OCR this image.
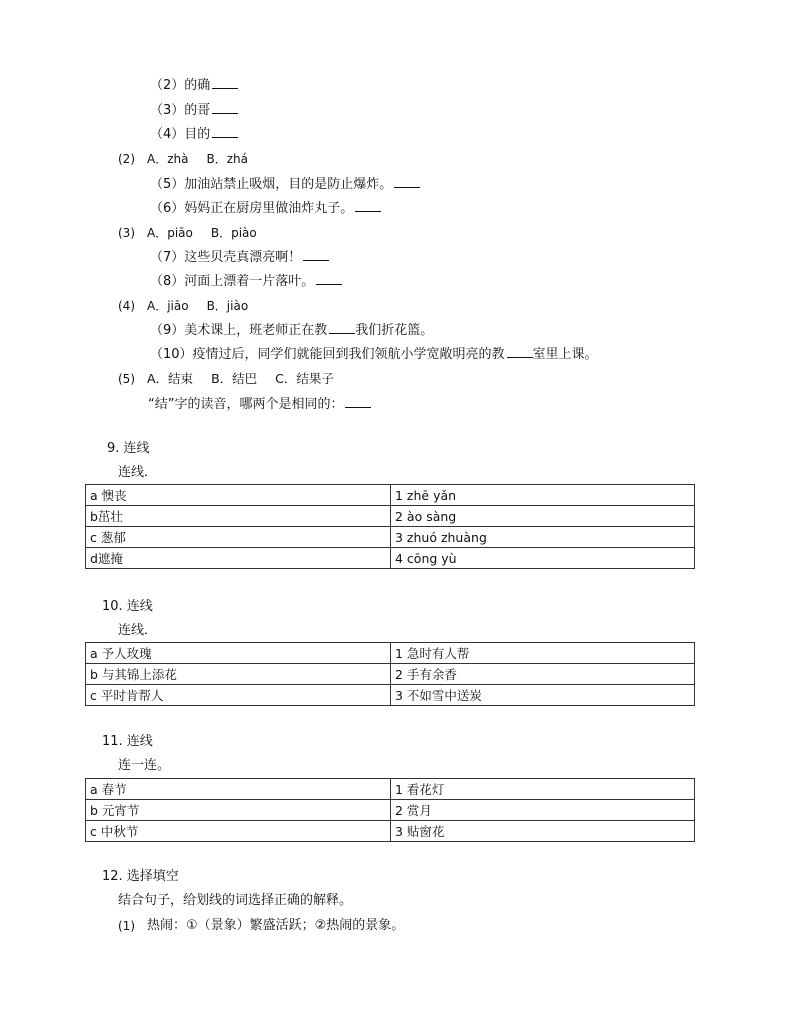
（2）的确
（3）的哥
（4）目的
(2) A．zhà B．zhá
（5）加油站禁止吸烟，目的是防止爆炸。
（6）妈妈正在厨房里做油炸丸子。
(3) A．piāo B．piào
（7）这些贝壳真漂亮啊！
（8）河面上漂着一片落叶。
(4) A．jiāo B．jiào
（9）美术课上，班老师正在教 我们折花篮。
（10）疫情过后，同学们就能回到我们领航小学宽敞明亮的教 室里上课。
(5) A．结束 B．结巴 C．结果子
“结”字的读音，哪两个是相同的：
9. 连线
连线．
a 懊丧	1 zhē yǎn
b茁壮	2 ào sàng
c 葱郁	3 zhuó zhuàng
d遮掩	4 cōng yù
10. 连线
连线．
a 予人玫瑰	1 急时有人帮
b 与其锦上添花	2 手有余香
c 平时肯帮人	3 不如雪中送炭
11. 连线
连一连。
a 春节	1 看花灯
b 元宵节	2 赏月
c 中秋节	3 贴窗花
12. 选择填空
结合句子，给划线的词选择正确的解释。
(1) 热闹：①（景象）繁盛活跃；②热闹的景象。
